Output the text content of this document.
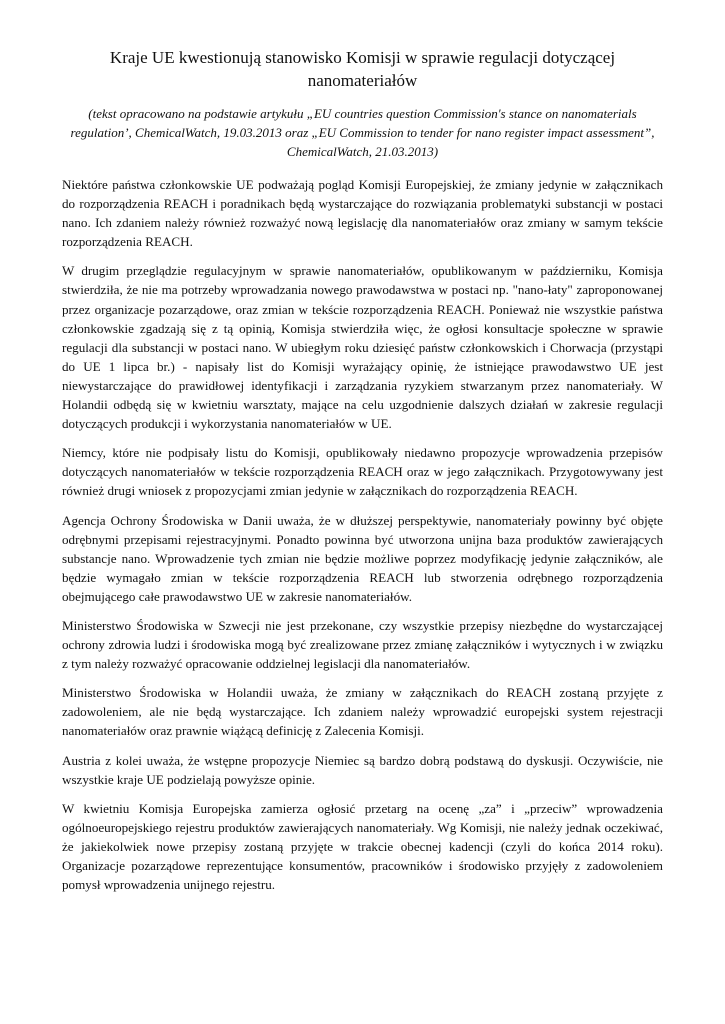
Kraje UE kwestionują stanowisko Komisji w sprawie regulacji dotyczącej nanomateriałów

(tekst opracowano na podstawie artykułu „EU countries question Commission's stance on nanomaterials regulation’, ChemicalWatch, 19.03.2013 oraz „EU Commission to tender for nano register impact assessment”, ChemicalWatch, 21.03.2013)

Niektóre państwa członkowskie UE podważają pogląd Komisji Europejskiej, że zmiany jedynie w załącznikach do rozporządzenia REACH i poradnikach będą wystarczające do rozwiązania problematyki substancji w postaci nano. Ich zdaniem należy również rozważyć nową legislację dla nanomateriałów oraz zmiany w samym tekście rozporządzenia REACH.

W drugim przeglądzie regulacyjnym w sprawie nanomateriałów, opublikowanym w październiku, Komisja stwierdziła, że nie ma potrzeby wprowadzania nowego prawodawstwa w postaci np. "nano-łaty" zaproponowanej przez organizacje pozarządowe, oraz zmian w tekście rozporządzenia REACH. Ponieważ nie wszystkie państwa członkowskie zgadzają się z tą opinią, Komisja stwierdziła więc, że ogłosi konsultacje społeczne w sprawie regulacji dla substancji w postaci nano. W ubiegłym roku dziesięć państw członkowskich i Chorwacja (przystąpi do UE 1 lipca br.) - napisały list do Komisji wyrażający opinię, że istniejące prawodawstwo UE jest niewystarczające do prawidłowej identyfikacji i zarządzania ryzykiem stwarzanym przez nanomateriały. W Holandii odbędą się w kwietniu warsztaty, mające na celu uzgodnienie dalszych działań w zakresie regulacji dotyczących produkcji i wykorzystania nanomateriałów w UE.

Niemcy, które nie podpisały listu do Komisji, opublikowały niedawno propozycje wprowadzenia przepisów dotyczących nanomateriałów w tekście rozporządzenia REACH oraz w jego załącznikach. Przygotowywany jest również drugi wniosek z propozycjami zmian jedynie w załącznikach do rozporządzenia REACH.

Agencja Ochrony Środowiska w Danii uważa, że w dłuższej perspektywie, nanomateriały powinny być objęte odrębnymi przepisami rejestracyjnymi. Ponadto powinna być utworzona unijna baza produktów zawierających substancje nano. Wprowadzenie tych zmian nie będzie możliwe poprzez modyfikację jedynie załączników, ale będzie wymagało zmian w tekście rozporządzenia REACH lub stworzenia odrębnego rozporządzenia obejmującego całe prawodawstwo UE w zakresie nanomateriałów.

Ministerstwo Środowiska w Szwecji nie jest przekonane, czy wszystkie przepisy niezbędne do wystarczającej ochrony zdrowia ludzi i środowiska mogą być zrealizowane przez zmianę załączników i wytycznych i w związku z tym należy rozważyć opracowanie oddzielnej legislacji dla nanomateriałów.

Ministerstwo Środowiska w Holandii uważa, że zmiany w załącznikach do REACH zostaną przyjęte z zadowoleniem, ale nie będą wystarczające. Ich zdaniem należy wprowadzić europejski system rejestracji nanomateriałów oraz prawnie wiążącą definicję z Zalecenia Komisji.

Austria z kolei uważa, że wstępne propozycje Niemiec są bardzo dobrą podstawą do dyskusji. Oczywiście, nie wszystkie kraje UE podzielają powyższe opinie.

W kwietniu Komisja Europejska zamierza ogłosić przetarg na ocenę „za” i „przeciw” wprowadzenia ogólnoeuropejskiego rejestru produktów zawierających nanomateriały. Wg Komisji, nie należy jednak oczekiwać, że jakiekolwiek nowe przepisy zostaną przyjęte w trakcie obecnej kadencji (czyli do końca 2014 roku). Organizacje pozarządowe reprezentujące konsumentów, pracowników i środowisko przyjęły z zadowoleniem pomysł wprowadzenia unijnego rejestru.
